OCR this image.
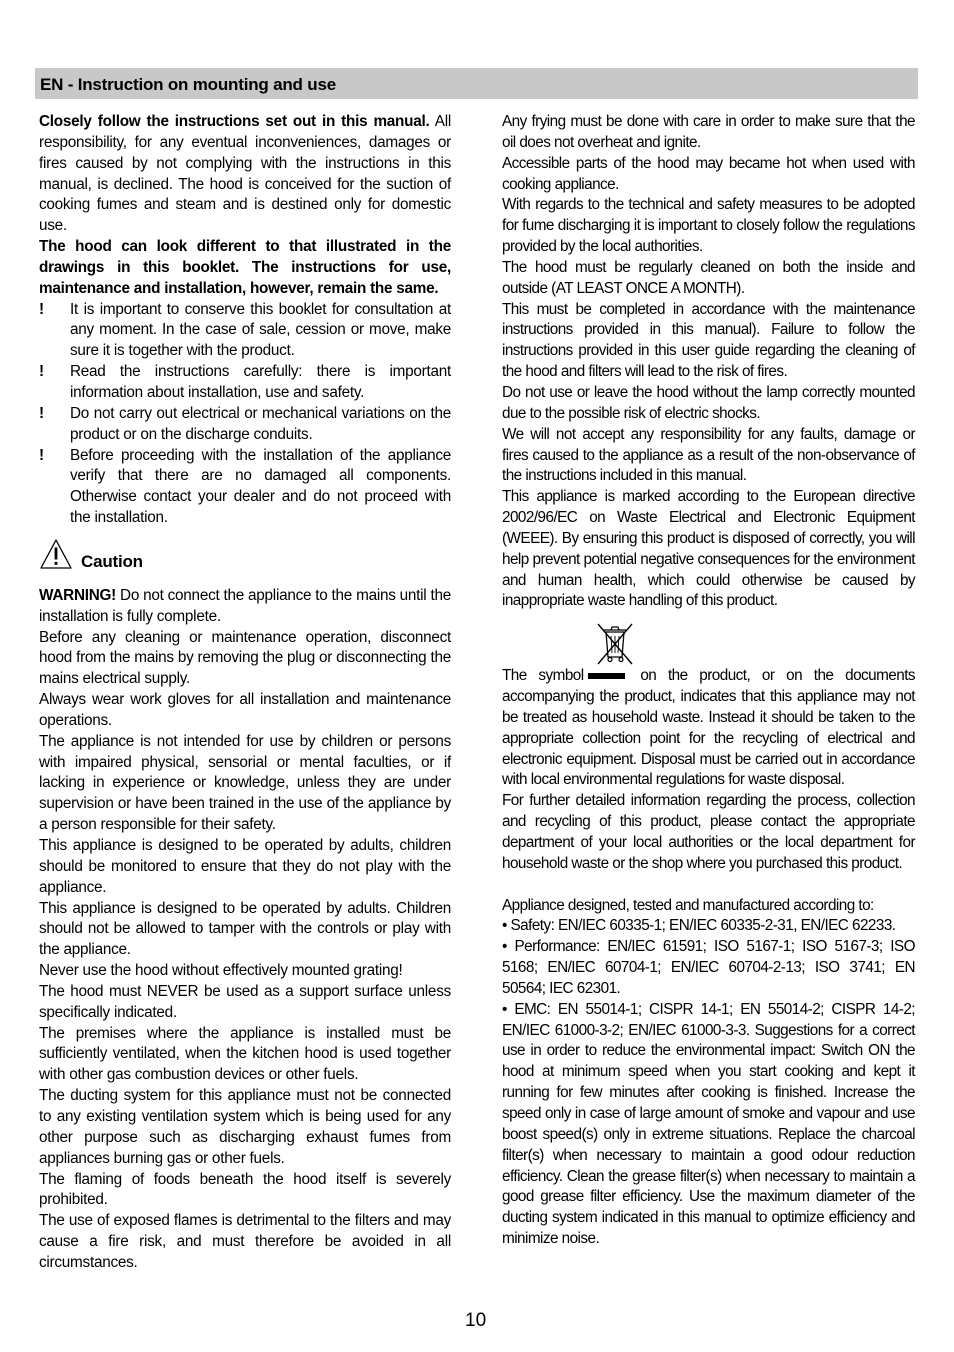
EN - Instruction on mounting and use

Closely follow the instructions set out in this manual. All responsibility, for any eventual inconveniences, damages or fires caused by not complying with the instructions in this manual, is declined. The hood is conceived for the suction of cooking fumes and steam and is destined only for domestic use.

The hood can look different to that illustrated in the drawings in this booklet. The instructions for use, maintenance and installation, however, remain the same.

! It is important to conserve this booklet for consultation at any moment. In the case of sale, cession or move, make sure it is together with the product.

! Read the instructions carefully: there is important information about installation, use and safety.

! Do not carry out electrical or mechanical variations on the product or on the discharge conduits.

! Before proceeding with the installation of the appliance verify that there are no damaged all components. Otherwise contact your dealer and do not proceed with the installation.

Caution

WARNING! Do not connect the appliance to the mains until the installation is fully complete.

Before any cleaning or maintenance operation, disconnect hood from the mains by removing the plug or disconnecting the mains electrical supply.

Always wear work gloves for all installation and maintenance operations.

The appliance is not intended for use by children or persons with impaired physical, sensorial or mental faculties, or if lacking in experience or knowledge, unless they are under supervision or have been trained in the use of the appliance by a person responsible for their safety.

This appliance is designed to be operated by adults, children should be monitored to ensure that they do not play with the appliance.

This appliance is designed to be operated by adults. Children should not be allowed to tamper with the controls or play with the appliance.

Never use the hood without effectively mounted grating!

The hood must NEVER be used as a support surface unless specifically indicated.

The premises where the appliance is installed must be sufficiently ventilated, when the kitchen hood is used together with other gas combustion devices or other fuels.

The ducting system for this appliance must not be connected to any existing ventilation system which is being used for any other purpose such as discharging exhaust fumes from appliances burning gas or other fuels.

The flaming of foods beneath the hood itself is severely prohibited.

The use of exposed flames is detrimental to the filters and may cause a fire risk, and must therefore be avoided in all circumstances.

Any frying must be done with care in order to make sure that the oil does not overheat and ignite.

Accessible parts of the hood may became hot when used with cooking appliance.

With regards to the technical and safety measures to be adopted for fume discharging it is important to closely follow the regulations provided by the local authorities.

The hood must be regularly cleaned on both the inside and outside (AT LEAST ONCE A MONTH).

This must be completed in accordance with the maintenance instructions provided in this manual). Failure to follow the instructions provided in this user guide regarding the cleaning of the hood and filters will lead to the risk of fires.

Do not use or leave the hood without the lamp correctly mounted due to the possible risk of electric shocks.

We will not accept any responsibility for any faults, damage or fires caused to the appliance as a result of the non-observance of the instructions included in this manual.

This appliance is marked according to the European directive 2002/96/EC on Waste Electrical and Electronic Equipment (WEEE). By ensuring this product is disposed of correctly, you will help prevent potential negative consequences for the environment and human health, which could otherwise be caused by inappropriate waste handling of this product.

The symbol	on the product, or on the documents accompanying the product, indicates that this appliance may not be treated as household waste. Instead it should be taken to the appropriate collection point for the recycling of electrical and electronic equipment. Disposal must be carried out in accordance with local environmental regulations for waste disposal.

For further detailed information regarding the process, collection and recycling of this product, please contact the appropriate department of your local authorities or the local department for household waste or the shop where you purchased this product.

Appliance designed, tested and manufactured according to:

• Safety: EN/IEC 60335-1; EN/IEC 60335-2-31, EN/IEC 62233.

• Performance: EN/IEC 61591; ISO 5167-1; ISO 5167-3; ISO 5168; EN/IEC 60704-1; EN/IEC 60704-2-13; ISO 3741; EN 50564; IEC 62301.

• EMC: EN 55014-1; CISPR 14-1; EN 55014-2; CISPR 14-2; EN/IEC 61000-3-2; EN/IEC 61000-3-3. Suggestions for a correct use in order to reduce the environmental impact: Switch ON the hood at minimum speed when you start cooking and kept it running for few minutes after cooking is finished. Increase the speed only in case of large amount of smoke and vapour and use boost speed(s) only in extreme situations. Replace the charcoal filter(s) when necessary to maintain a good odour reduction efficiency. Clean the grease filter(s) when necessary to maintain a good grease filter efficiency. Use the maximum diameter of the ducting system indicated in this manual to optimize efficiency and minimize noise.

10
